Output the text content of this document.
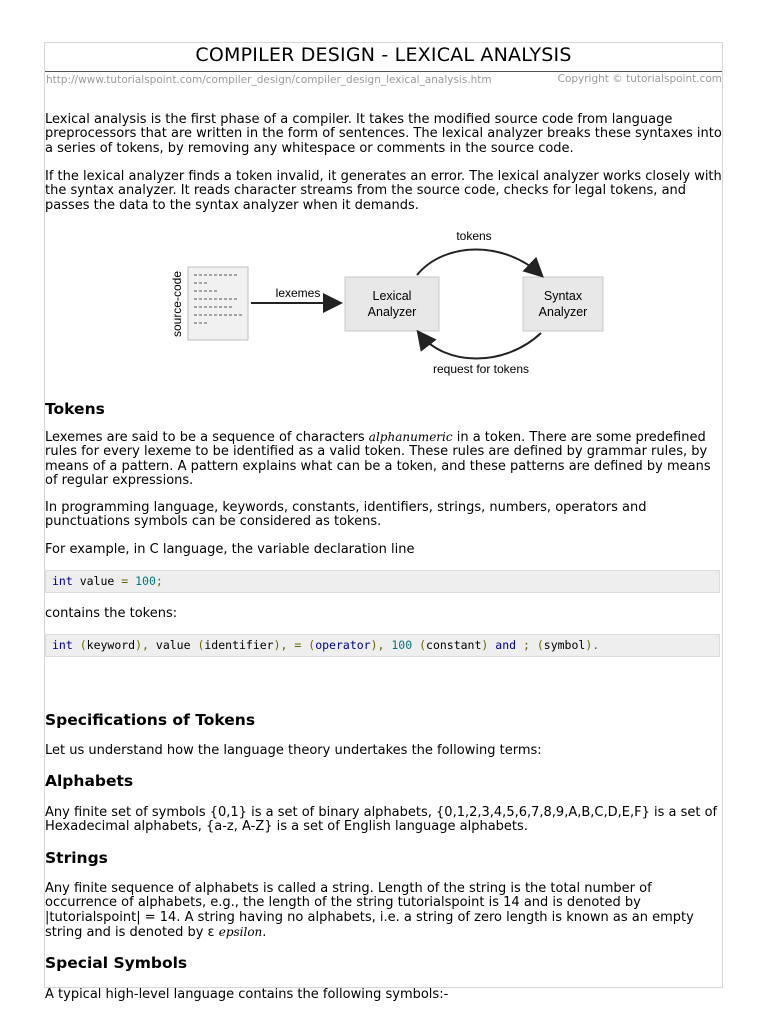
COMPILER DESIGN - LEXICAL ANALYSIS
http://www.tutorialspoint.com/compiler_design/compiler_design_lexical_analysis.htm	Copyright © tutorialspoint.com

Lexical analysis is the first phase of a compiler. It takes the modified source code from language preprocessors that are written in the form of sentences. The lexical analyzer breaks these syntaxes into a series of tokens, by removing any whitespace or comments in the source code.

If the lexical analyzer finds a token invalid, it generates an error. The lexical analyzer works closely with the syntax analyzer. It reads character streams from the source code, checks for legal tokens, and passes the data to the syntax analyzer when it demands.

source-code	lexemes	Lexical
Analyzer
Syntax
Analyzer
tokens
request for tokens
Tokens

Lexemes are said to be a sequence of characters alphanumeric in a token. There are some predefined rules for every lexeme to be identified as a valid token. These rules are defined by grammar rules, by means of a pattern. A pattern explains what can be a token, and these patterns are defined by means of regular expressions.

In programming language, keywords, constants, identifiers, strings, numbers, operators and punctuations symbols can be considered as tokens.

For example, in C language, the variable declaration line

int value = 100;

contains the tokens:

int (keyword), value (identifier), = (operator), 100 (constant) and ; (symbol).
Specifications of Tokens

Let us understand how the language theory undertakes the following terms:

Alphabets

Any finite set of symbols {0,1} is a set of binary alphabets, {0,1,2,3,4,5,6,7,8,9,A,B,C,D,E,F} is a set of Hexadecimal alphabets, {a-z, A-Z} is a set of English language alphabets.

Strings

Any finite sequence of alphabets is called a string. Length of the string is the total number of occurrence of alphabets, e.g., the length of the string tutorialspoint is 14 and is denoted by |tutorialspoint| = 14. A string having no alphabets, i.e. a string of zero length is known as an empty string and is denoted by ε epsilon.

Special Symbols

A typical high-level language contains the following symbols:-
